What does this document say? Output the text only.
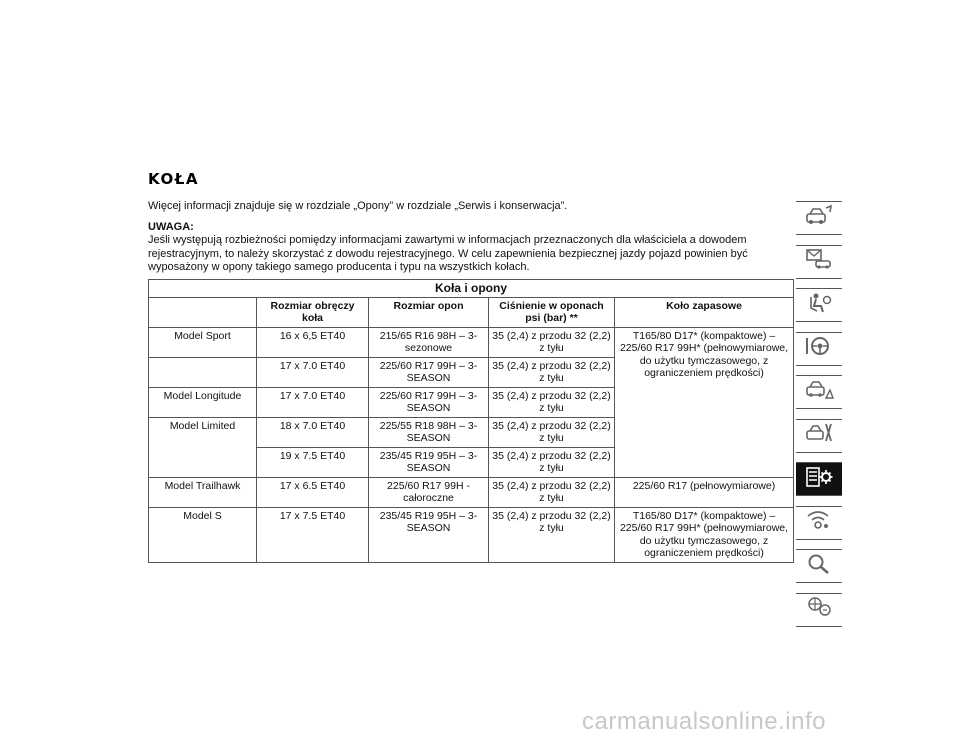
KOŁA

Więcej informacji znajduje się w rozdziale „Opony” w rozdziale „Serwis i konserwacja”.

UWAGA:

Jeśli występują rozbieżności pomiędzy informacjami zawartymi w informacjach przeznaczonych dla właściciela a dowodem rejestracyjnym, to należy skorzystać z dowodu rejestracyjnego. W celu zapewnienia bezpiecznej jazdy pojazd powinien być wyposażony w opony takiego samego producenta i typu na wszystkich kołach.

Koła i opony				
	Rozmiar obręczy koła	Rozmiar opon	Ciśnienie w oponach psi (bar) **	Koło zapasowe
Model Sport	16 x 6,5 ET40	215/65 R16 98H – 3-sezonowe	35 (2,4) z przodu 32 (2,2) z tyłu	T165/80 D17* (kompaktowe) – 225/60 R17 99H* (pełnowymiarowe, do użytku tymczasowego, z ograniczeniem prędkości)
	17 x 7.0 ET40	225/60 R17 99H – 3-SEASON	35 (2,4) z przodu 32 (2,2) z tyłu	
Model Longitude	17 x 7.0 ET40	225/60 R17 99H – 3-SEASON	35 (2,4) z przodu 32 (2,2) z tyłu	
Model Limited	18 x 7.0 ET40	225/55 R18 98H – 3-SEASON	35 (2,4) z przodu 32 (2,2) z tyłu	
	19 x 7.5 ET40	235/45 R19 95H – 3-SEASON	35 (2,4) z przodu 32 (2,2) z tyłu	
Model Trailhawk	17 x 6.5 ET40	225/60 R17 99H -całoroczne	35 (2,4) z przodu 32 (2,2) z tyłu	225/60 R17 (pełnowymiarowe)
Model S	17 x 7.5 ET40	235/45 R19 95H – 3-SEASON	35 (2,4) z przodu 32 (2,2) z tyłu	T165/80 D17* (kompaktowe) – 225/60 R17 99H* (pełnowymiarowe, do użytku tymczasowego, z ograniczeniem prędkości)
carmanualsonline.info
